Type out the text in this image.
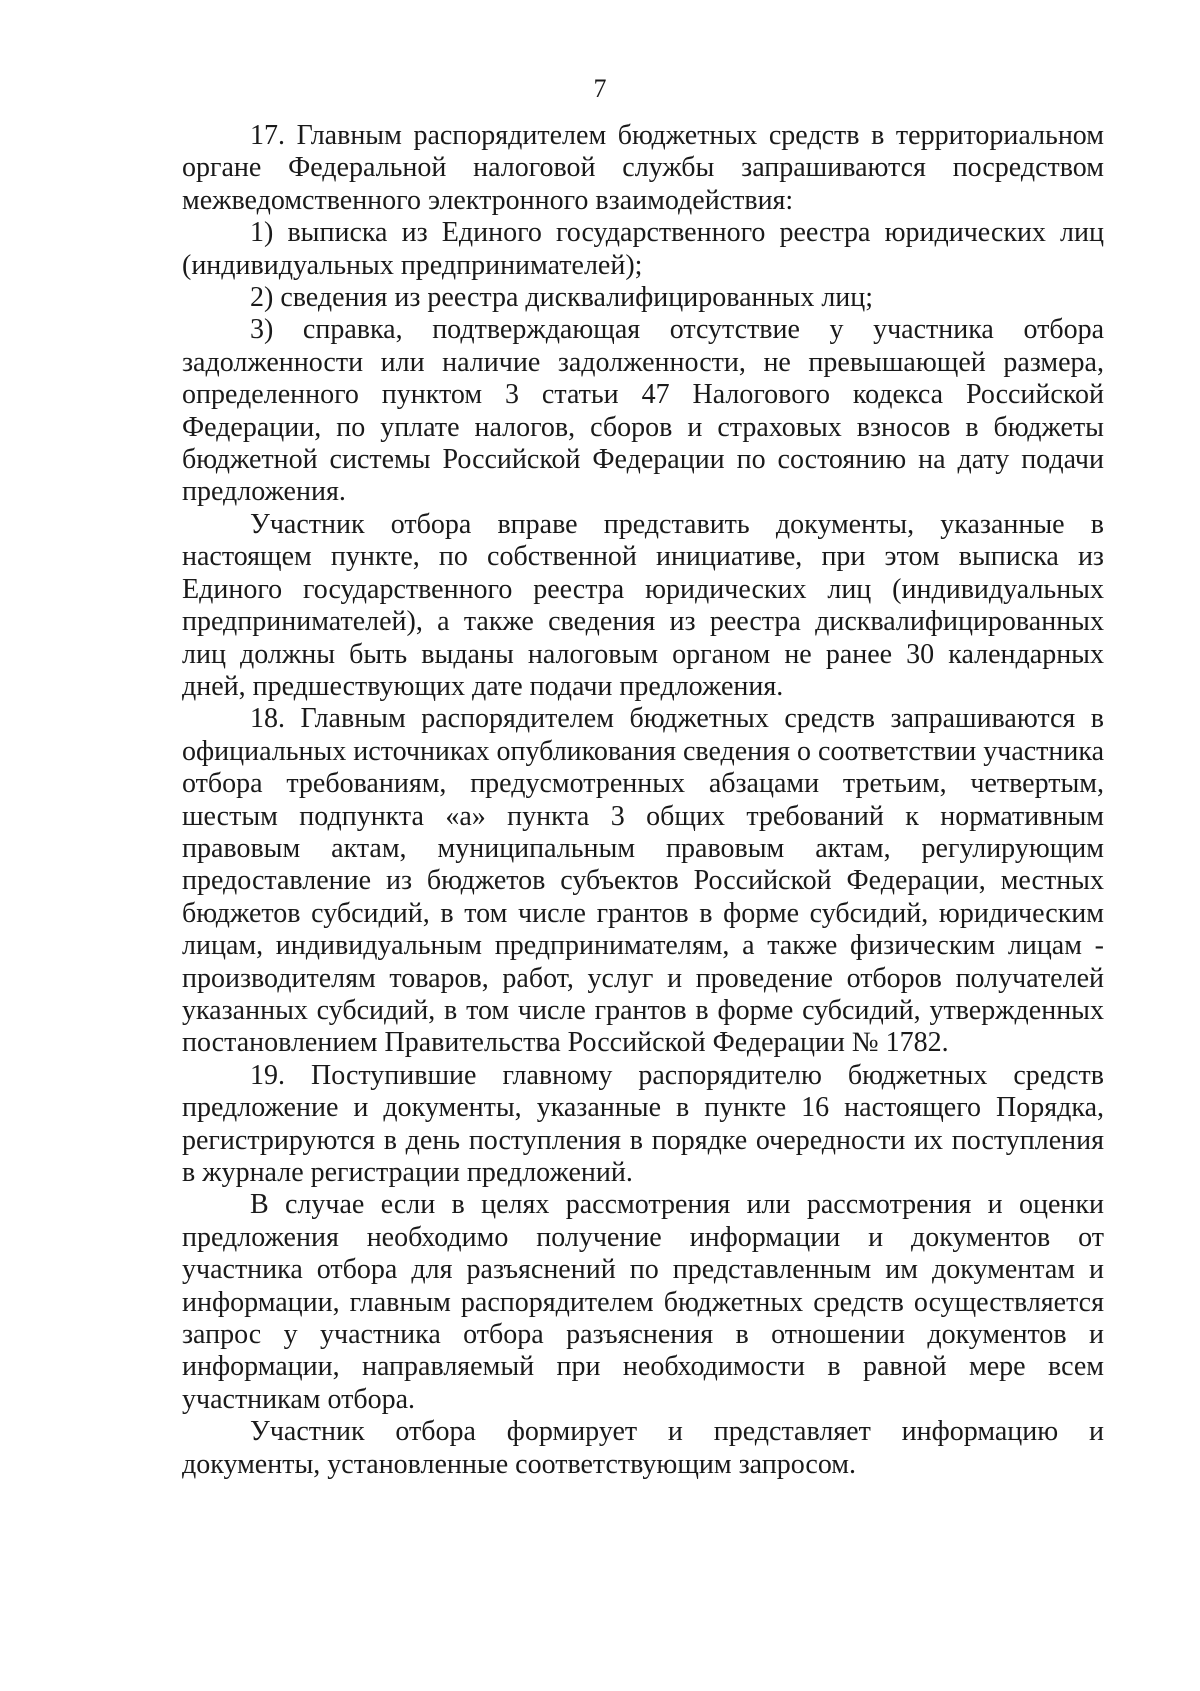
7

17. Главным распорядителем бюджетных средств в территориальном органе Федеральной налоговой службы запрашиваются посредством межведомственного электронного взаимодействия:

1) выписка из Единого государственного реестра юридических лиц (индивидуальных предпринимателей);

2) сведения из реестра дисквалифицированных лиц;

3) справка, подтверждающая отсутствие у участника отбора задолженности или наличие задолженности, не превышающей размера, определенного пунктом 3 статьи 47 Налогового кодекса Российской Федерации, по уплате налогов, сборов и страховых взносов в бюджеты бюджетной системы Российской Федерации по состоянию на дату подачи предложения.

Участник отбора вправе представить документы, указанные в настоящем пункте, по собственной инициативе, при этом выписка из Единого государственного реестра юридических лиц (индивидуальных предпринимателей), а также сведения из реестра дисквалифицированных лиц должны быть выданы налоговым органом не ранее 30 календарных дней, предшествующих дате подачи предложения.

18. Главным распорядителем бюджетных средств запрашиваются в официальных источниках опубликования сведения о соответствии участника отбора требованиям, предусмотренных абзацами третьим, четвертым, шестым подпункта «а» пункта 3 общих требований к нормативным правовым актам, муниципальным правовым актам, регулирующим предоставление из бюджетов субъектов Российской Федерации, местных бюджетов субсидий, в том числе грантов в форме субсидий, юридическим лицам, индивидуальным предпринимателям, а также физическим лицам - производителям товаров, работ, услуг и проведение отборов получателей указанных субсидий, в том числе грантов в форме субсидий, утвержденных постановлением Правительства Российской Федерации № 1782.

19. Поступившие главному распорядителю бюджетных средств предложение и документы, указанные в пункте 16 настоящего Порядка, регистрируются в день поступления в порядке очередности их поступления в журнале регистрации предложений.

В случае если в целях рассмотрения или рассмотрения и оценки предложения необходимо получение информации и документов от участника отбора для разъяснений по представленным им документам и информации, главным распорядителем бюджетных средств осуществляется запрос у участника отбора разъяснения в отношении документов и информации, направляемый при необходимости в равной мере всем участникам отбора.

Участник отбора формирует и представляет информацию и документы, установленные соответствующим запросом.
